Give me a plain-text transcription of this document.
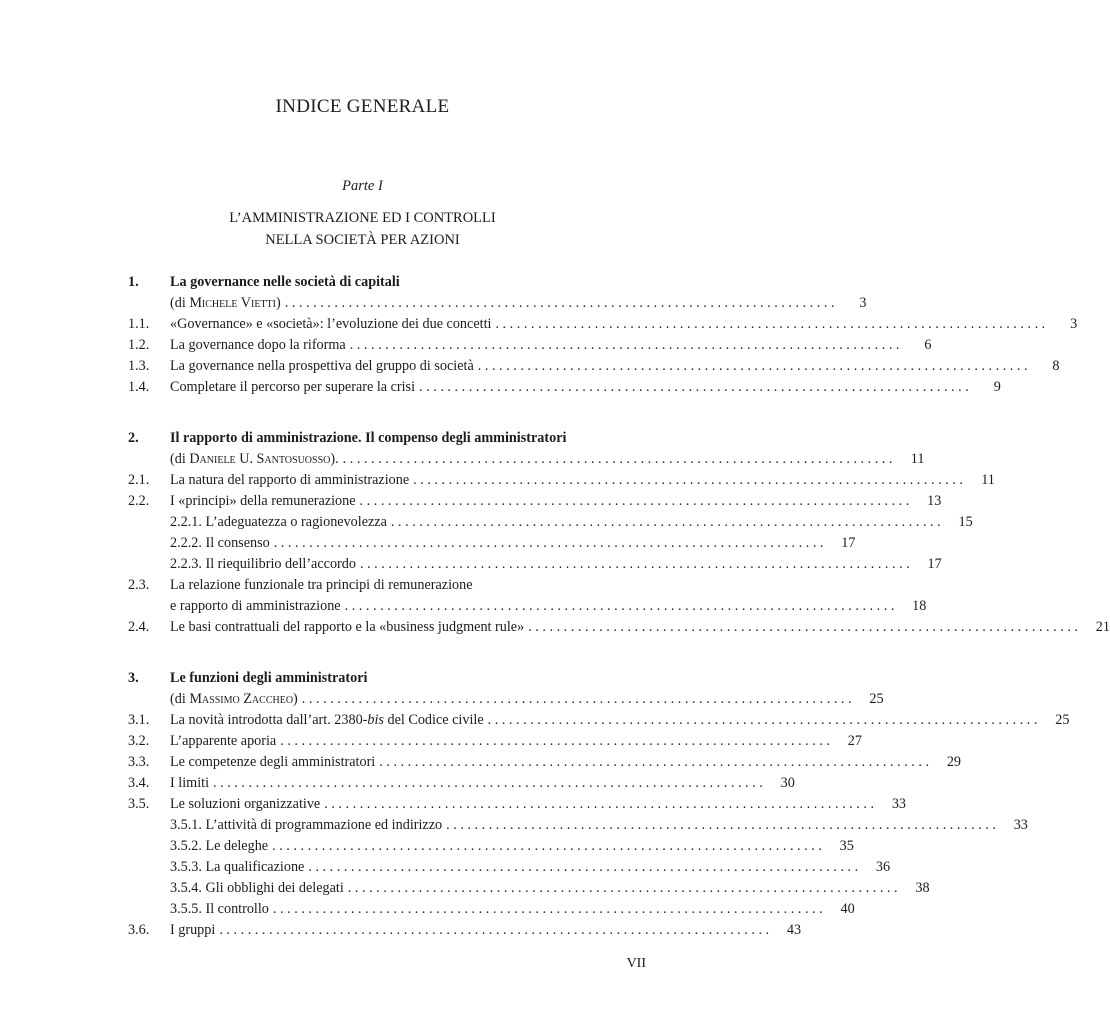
INDICE GENERALE
Parte I
L’AMMINISTRAZIONE ED I CONTROLLI
NELLA SOCIETÀ PER AZIONI
1.	La governance nelle società di capitali
(di Michele Vietti) . . .	3
1.1.	«Governance» e «società»: l’evoluzione dei due concetti . . .	3
1.2.	La governance dopo la riforma . . .	6
1.3.	La governance nella prospettiva del gruppo di società . . .	8
1.4.	Completare il percorso per superare la crisi . . .	9
2.	Il rapporto di amministrazione. Il compenso degli amministratori
(di Daniele U. Santosuosso). . . .	11
2.1.	La natura del rapporto di amministrazione . . .	11
2.2.	I «principi» della remunerazione . . .	13
2.2.1. L’adeguatezza o ragionevolezza . . .	15
2.2.2. Il consenso . . .	17
2.2.3. Il riequilibrio dell’accordo . . .	17
2.3.	La relazione funzionale tra principi di remunerazione
e rapporto di amministrazione . . .	18
2.4.	Le basi contrattuali del rapporto e la «business judgment rule» . . .	21
3.	Le funzioni degli amministratori
(di Massimo Zaccheo) . . .	25
3.1.	La novità introdotta dall’art. 2380-bis del Codice civile . . .	25
3.2.	L’apparente aporia . . .	27
3.3.	Le competenze degli amministratori . . .	29
3.4.	I limiti . . .	30
3.5.	Le soluzioni organizzative . . .	33
3.5.1. L’attività di programmazione ed indirizzo . . .	33
3.5.2. Le deleghe . . .	35
3.5.3. La qualificazione . . .	36
3.5.4. Gli obblighi dei delegati . . .	38
3.5.5. Il controllo . . .	40
3.6.	I gruppi . . .	43
VII
